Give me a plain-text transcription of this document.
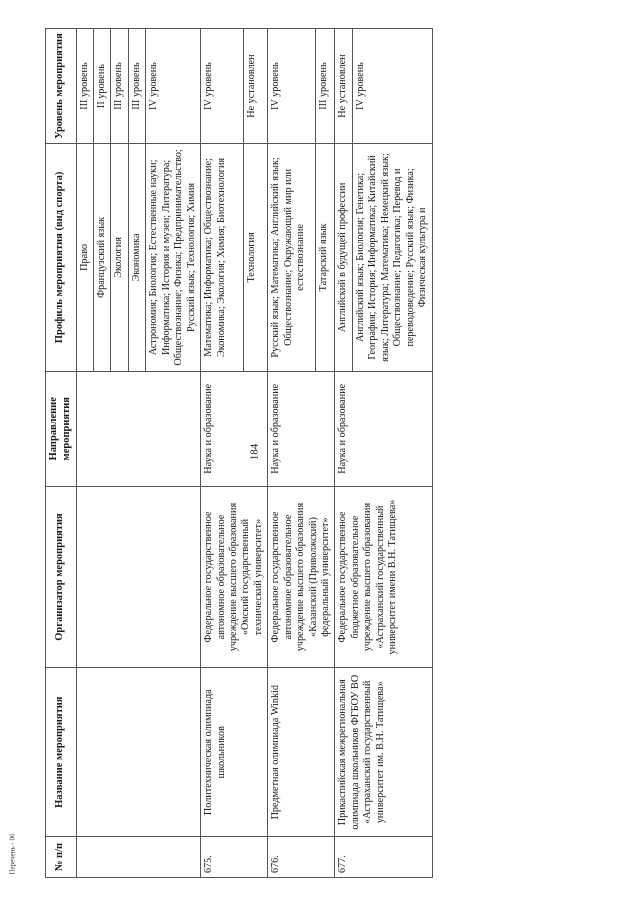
184
Перечень - 06	№ п/п	Название мероприятия	Организатор мероприятия	Направление мероприятия	Профиль мероприятия (вид спорта)	Уровень мероприятия
				Право	III уровень
				Французский язык	II уровень
				Экология	III уровень
				Экономика	III уровень
				Астрономия; Биология; Естественные науки; Информатика; История и музеи; Литература; Обществознание; Физика; Предпринимательство; Русский язык; Технология; Химия	IV уровень
675.	Политехническая олимпиада школьников	Федеральное государственное автономное образовательное учреждение высшего образования «Омский государственный технический университет»	Наука и образование	Математика; Информатика; Обществознание; Экономика; Экология; Химия; Биотехнология	IV уровень
				Технология	Не установлен
676.	Предметная олимпиада Winkid	Федеральное государственное автономное образовательное учреждение высшего образования «Казанский (Приволжский) федеральный университет»	Наука и образование	Русский язык; Математика; Английский язык; Обществознание; Окружающий мир или естествознание	IV уровень
				Татарский язык	III уровень
677.	Прикаспийская межрегиональная олимпиада школьников ФГБОУ ВО «Астраханский государственный университет им. В.Н. Татищева»	Федеральное государственное бюджетное образовательное учреждение высшего образования «Астраханский государственный университет имени В.Н. Татищева»	Наука и образование	Английский в будущей профессии	Не установлен
				Английский язык; Биология; Генетика; География; История; Информатика; Китайский язык; Литература; Математика; Немецкий язык; Обществознание; Педагогика; Перевод и переводоведение; Русский язык; Физика; Физическая культура и	IV уровень
